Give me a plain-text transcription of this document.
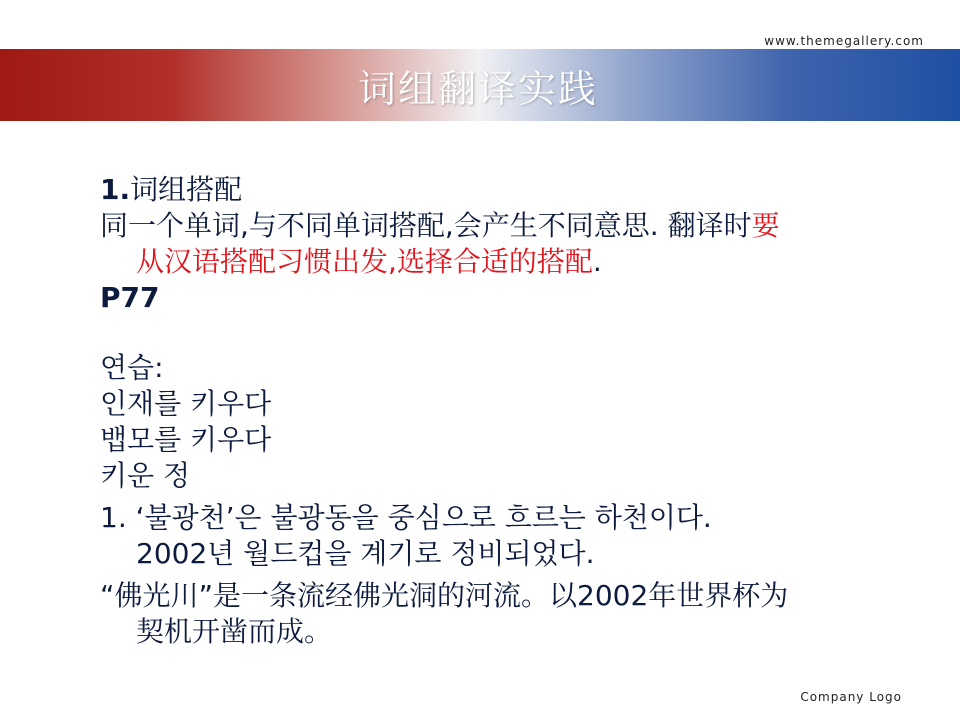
www.themegallery.com
词组翻译实践
1.词组搭配
同一个单词,与不同单词搭配,会产生不同意思. 翻译时要
从汉语搭配习惯出发,选择合适的搭配.
P77
연습:
인재를 키우다
뱁모를 키우다
키운 정
1. ‘불광천’은 불광동을 중심으로 흐르는 하천이다.
2002년 월드컵을 계기로 정비되었다.
“佛光川”是一条流经佛光洞的河流。以2002年世界杯为
契机开凿而成。
Company Logo
